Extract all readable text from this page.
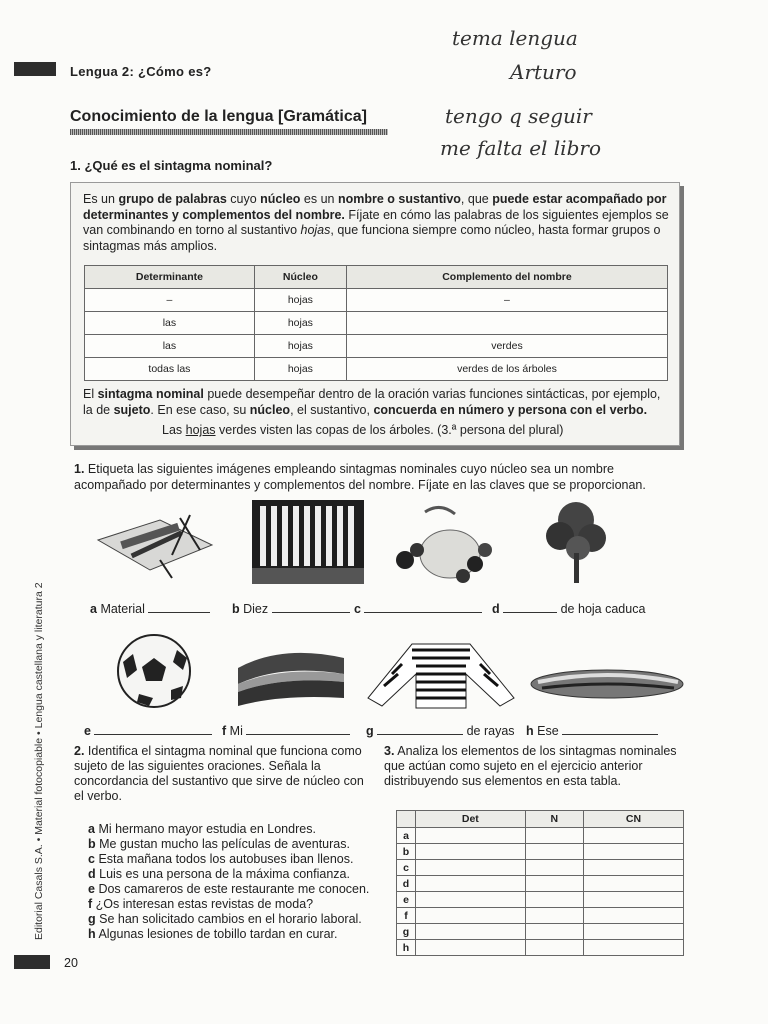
Lengua 2: ¿Cómo es?
Conocimiento de la lengua [Gramática]
tema lengua
Arturo
tengo q seguir
me falta el libro
1. ¿Qué es el sintagma nominal?
Es un grupo de palabras cuyo núcleo es un nombre o sustantivo, que puede estar acompañado por determinantes y complementos del nombre. Fíjate en cómo las palabras de los siguientes ejemplos se van combinando en torno al sustantivo hojas, que funciona siempre como núcleo, hasta formar grupos o sintagmas más amplios.
Determinante	Núcleo	Complemento del nombre
–	hojas	–
las	hojas	
las	hojas	verdes
todas las	hojas	verdes de los árboles
El sintagma nominal puede desempeñar dentro de la oración varias funciones sintácticas, por ejemplo, la de sujeto. En ese caso, su núcleo, el sustantivo, concuerda en número y persona con el verbo.
Las hojas verdes visten las copas de los árboles. (3.ª persona del plural)
1. Etiqueta las siguientes imágenes empleando sintagmas nominales cuyo núcleo sea un nombre acompañado por determinantes y complementos del nombre. Fíjate en las claves que se proporcionan.
a Material	b Diez	c	d	de hoja caduca
e	f Mi	g	de rayas h Ese
2. Identifica el sintagma nominal que funciona como sujeto de las siguientes oraciones. Señala la concordancia del sustantivo que sirve de núcleo con el verbo.
a Mi hermano mayor estudia en Londres.
b Me gustan mucho las películas de aventuras.
c Esta mañana todos los autobuses iban llenos.
d Luis es una persona de la máxima confianza.
e Dos camareros de este restaurante me conocen.
f ¿Os interesan estas revistas de moda?
g Se han solicitado cambios en el horario laboral.
h Algunas lesiones de tobillo tardan en curar.
3. Analiza los elementos de los sintagmas nominales que actúan como sujeto en el ejercicio anterior distribuyendo sus elementos en esta tabla.
	Det	N	CN
a			
b			
c			
d			
e			
f			
g			
h			
Editorial Casals S.A. • Material fotocopiable • Lengua castellana y literatura 2
20
